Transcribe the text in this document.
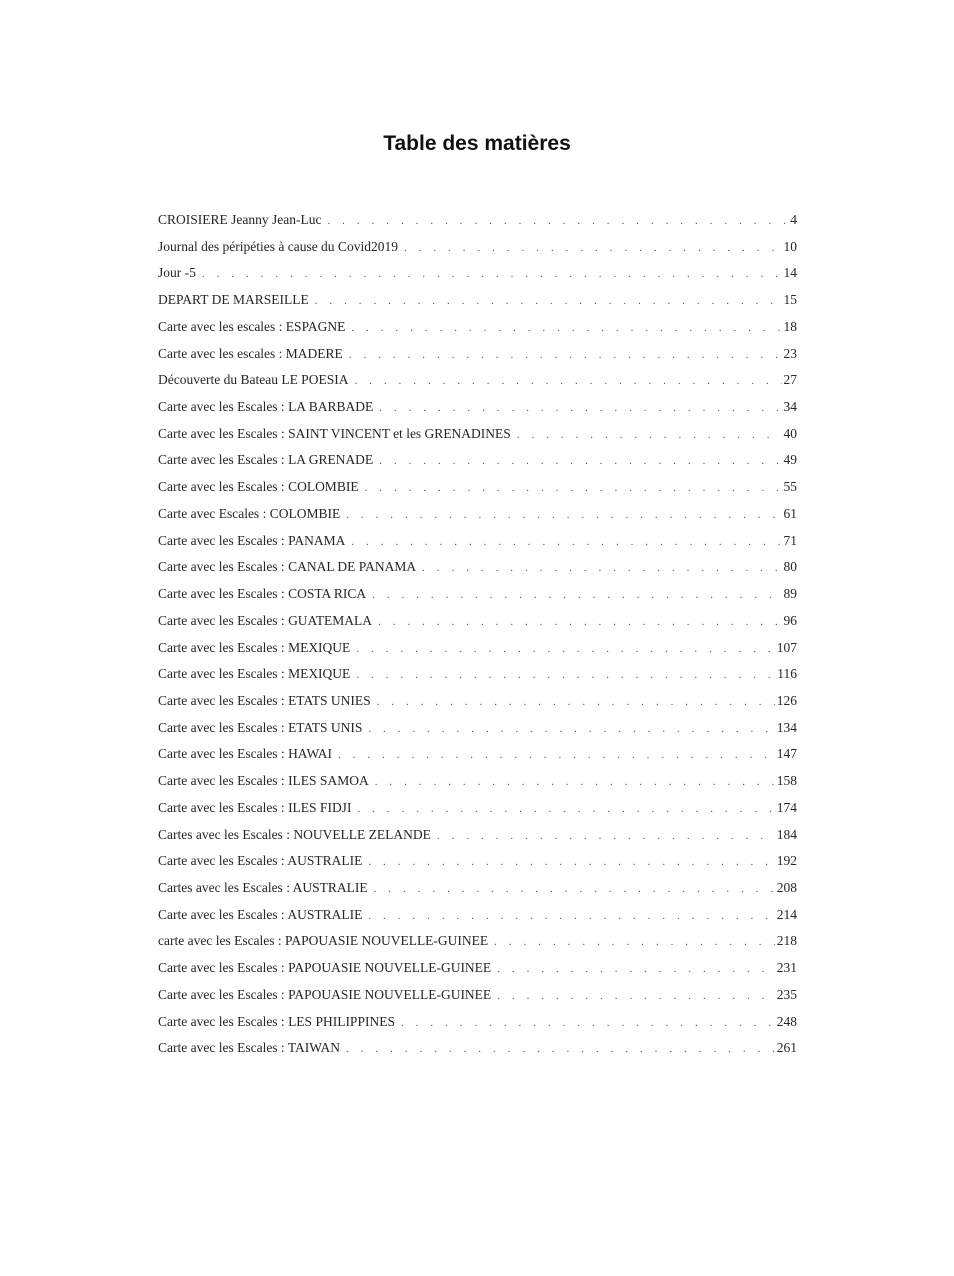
Table des matières
CROISIERE Jeanny Jean-Luc . . .	4
Journal des péripéties à cause du Covid2019 . . .	10
Jour -5 . . .	14
DEPART DE MARSEILLE . . .	15
Carte avec les escales : ESPAGNE . . .	18
Carte avec les escales : MADERE . . .	23
Découverte du Bateau LE POESIA . . .	27
Carte avec les Escales : LA BARBADE . . .	34
Carte avec les Escales : SAINT VINCENT et les GRENADINES . . .	40
Carte avec les Escales : LA GRENADE . . .	49
Carte avec les Escales : COLOMBIE . . .	55
Carte avec Escales : COLOMBIE . . .	61
Carte avec les Escales : PANAMA . . .	71
Carte avec les Escales : CANAL DE PANAMA . . .	80
Carte avec les Escales : COSTA RICA . . .	89
Carte avec les Escales : GUATEMALA . . .	96
Carte avec les Escales : MEXIQUE . . .	107
Carte avec les Escales : MEXIQUE . . .	116
Carte avec les Escales : ETATS UNIES . . .	126
Carte avec les Escales : ETATS UNIS . . .	134
Carte avec les Escales : HAWAI . . .	147
Carte avec les Escales : ILES SAMOA . . .	158
Carte avec les Escales : ILES FIDJI . . .	174
Cartes avec les Escales : NOUVELLE ZELANDE . . .	184
Carte avec les Escales : AUSTRALIE . . .	192
Cartes avec les Escales : AUSTRALIE . . .	208
Carte avec les Escales : AUSTRALIE . . .	214
carte avec les Escales : PAPOUASIE NOUVELLE-GUINEE . . .	218
Carte avec les Escales : PAPOUASIE NOUVELLE-GUINEE . . .	231
Carte avec les Escales : PAPOUASIE NOUVELLE-GUINEE . . .	235
Carte avec les Escales : LES PHILIPPINES . . .	248
Carte avec les Escales : TAIWAN . . .	261
